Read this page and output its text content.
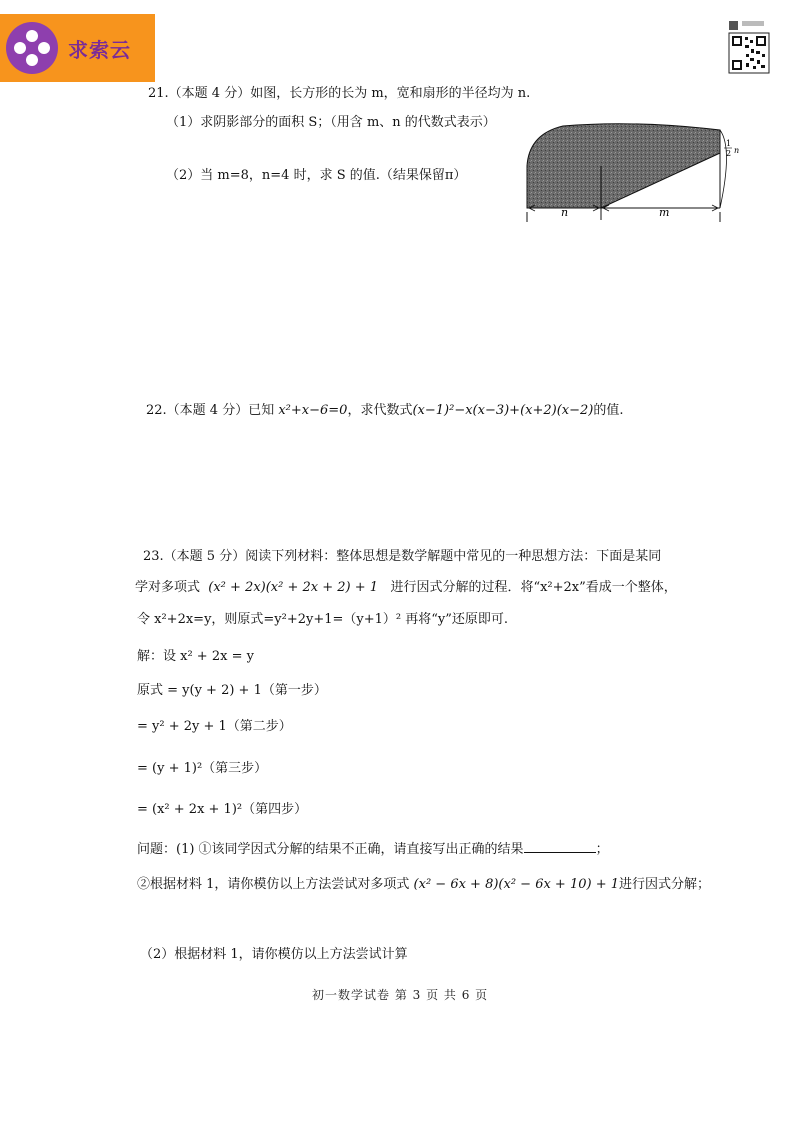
求索云
21.（本题 4 分）如图，长方形的长为 m，宽和扇形的半径均为 n.
（1）求阴影部分的面积 S；（用含 m、n 的代数式表示）
（2）当 m=8，n=4 时，求 S 的值.（结果保留π）
n	m
1
2 n
22.（本题 4 分）已知 x²+x−6=0，求代数式(x−1)²−x(x−3)+(x+2)(x−2)的值.
23.（本题 5 分）阅读下列材料：整体思想是数学解题中常见的一种思想方法：下面是某同
学对多项式 (x² + 2x)(x² + 2x + 2) + 1 进行因式分解的过程．将“x²+2x”看成一个整体，
令 x²+2x=y，则原式=y²+2y+1=（y+1）² 再将“y”还原即可.
解：设 x² + 2x = y
原式 = y(y + 2) + 1（第一步）
= y² + 2y + 1（第二步）
= (y + 1)²（第三步）
= (x² + 2x + 1)²（第四步）
问题：(1) ①该同学因式分解的结果不正确，请直接写出正确的结果	；
②根据材料 1，请你模仿以上方法尝试对多项式 (x² − 6x + 8)(x² − 6x + 10) + 1进行因式分解；
（2）根据材料 1，请你模仿以上方法尝试计算
初一数学试卷 第 3 页 共 6 页
